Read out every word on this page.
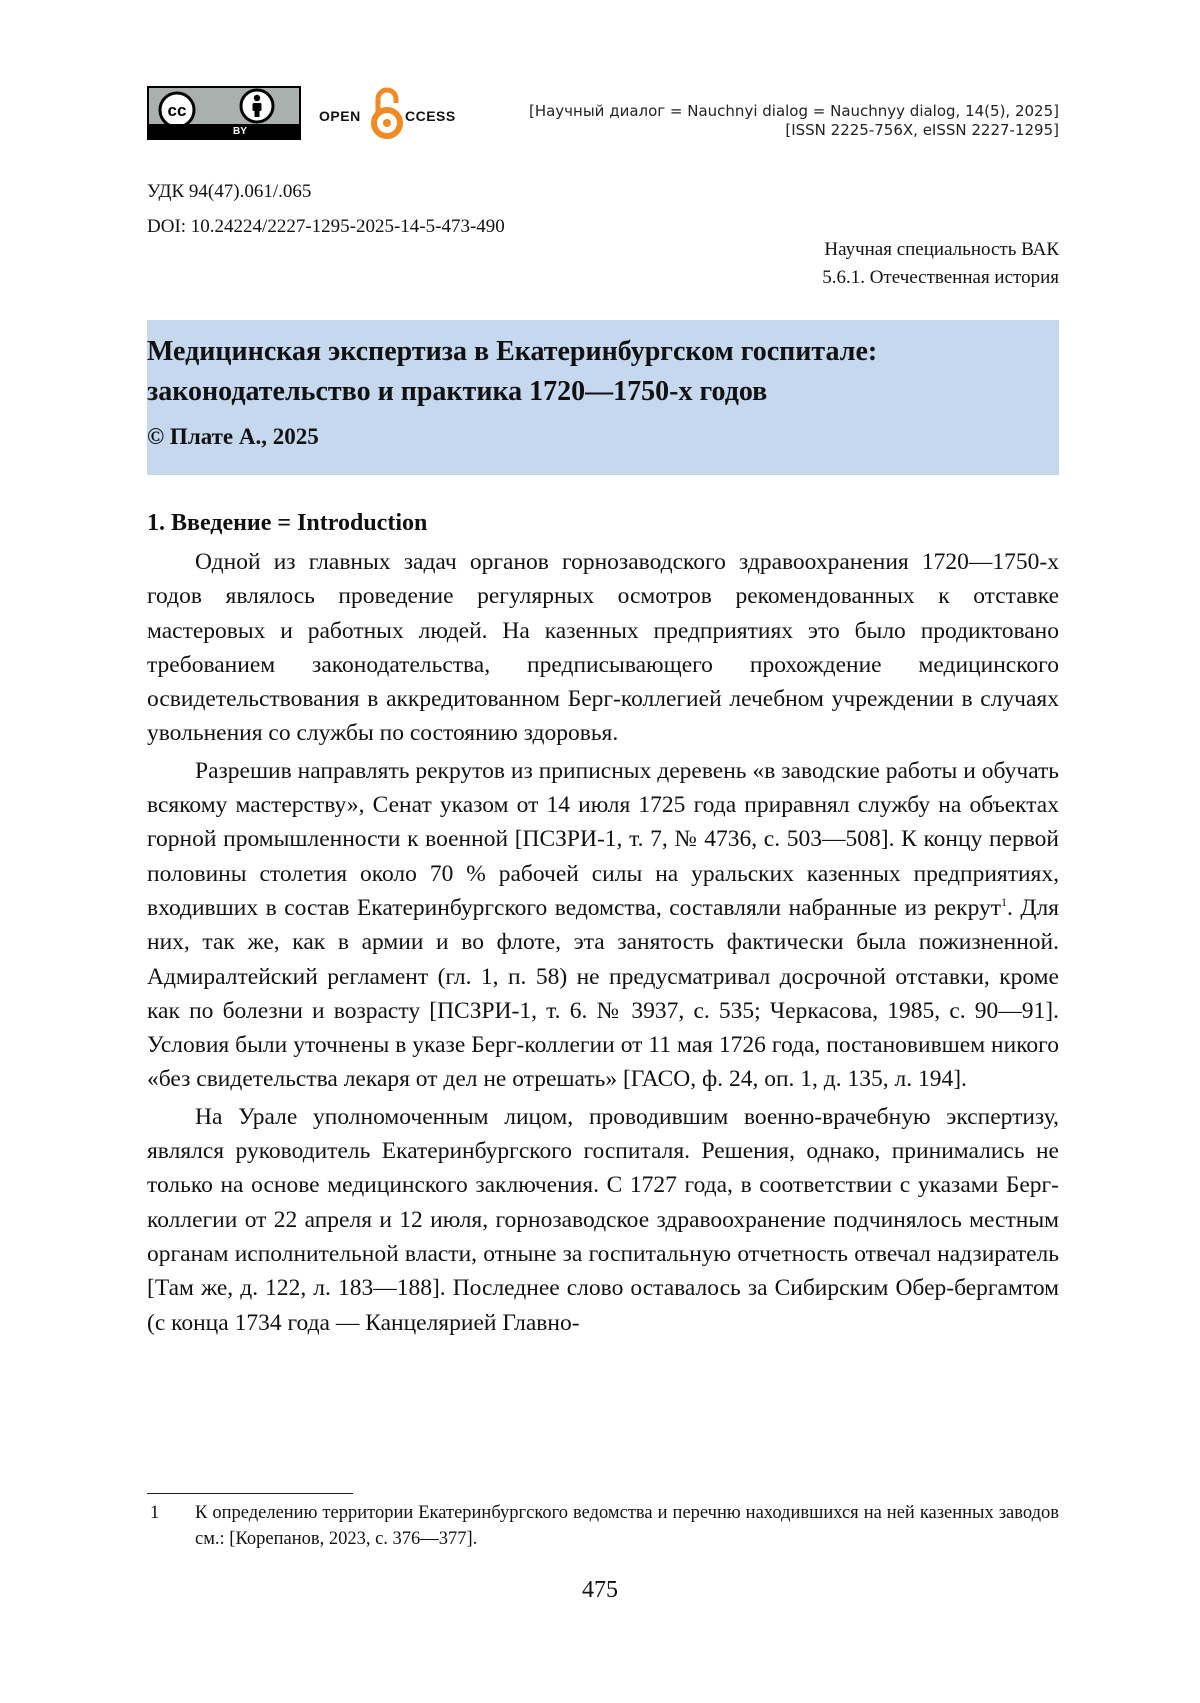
cc
BY
OPEN	CCESS	[Научный диалог = Nauchnyi dialog = Nauchnyy dialog, 14(5), 2025]
[ISSN 2225-756X, eISSN 2227-1295]
УДК 94(47).061/.065
DOI: 10.24224/2227-1295-2025-14-5-473-490
Научная специальность ВАК
5.6.1. Отечественная история
Медицинская экспертиза в Екатеринбургском госпитале:
законодательство и практика 1720—1750-х годов
© Плате А., 2025
1. Введение = Introduction

Одной из главных задач органов горнозаводского здравоохранения 1720—1750-х годов являлось проведение регулярных осмотров рекомендованных к отставке мастеровых и работных людей. На казенных предприятиях это было продиктовано требованием законодательства, предписывающего прохождение медицинского освидетельствования в аккредитованном Берг-коллегией лечебном учреждении в случаях увольнения со службы по состоянию здоровья.

Разрешив направлять рекрутов из приписных деревень «в заводские работы и обучать всякому мастерству», Сенат указом от 14 июля 1725 года приравнял службу на объектах горной промышленности к военной [ПСЗРИ-1, т. 7, № 4736, с. 503—508]. К концу первой половины столетия около 70 % рабочей силы на уральских казенных предприятиях, входивших в состав Екатеринбургского ведомства, составляли набранные из рекрут$^1$. Для них, так же, как в армии и во флоте, эта занятость фактически была пожизненной. Адмиралтейский регламент (гл. 1, п. 58) не предусматривал досрочной отставки, кроме как по болезни и возрасту [ПСЗРИ-1, т. 6. № 3937, с. 535; Черкасова, 1985, с. 90—91]. Условия были уточнены в указе Берг-коллегии от 11 мая 1726 года, постановившем никого «без свидетельства лекаря от дел не отрешать» [ГАСО, ф. 24, оп. 1, д. 135, л. 194].

На Урале уполномоченным лицом, проводившим военно-врачебную экспертизу, являлся руководитель Екатеринбургского госпиталя. Решения, однако, принимались не только на основе медицинского заключения. С 1727 года, в соответствии с указами Берг-коллегии от 22 апреля и 12 июля, горнозаводское здравоохранение подчинялось местным органам исполнительной власти, отныне за госпитальную отчетность отвечал надзиратель [Там же, д. 122, л. 183—188]. Последнее слово оставалось за Сибирским Обер-бергамтом (с конца 1734 года — Канцелярией Главно-

1 К определению территории Екатеринбургского ведомства и перечню находившихся на ней казенных заводов см.: [Корепанов, 2023, с. 376—377].
475
